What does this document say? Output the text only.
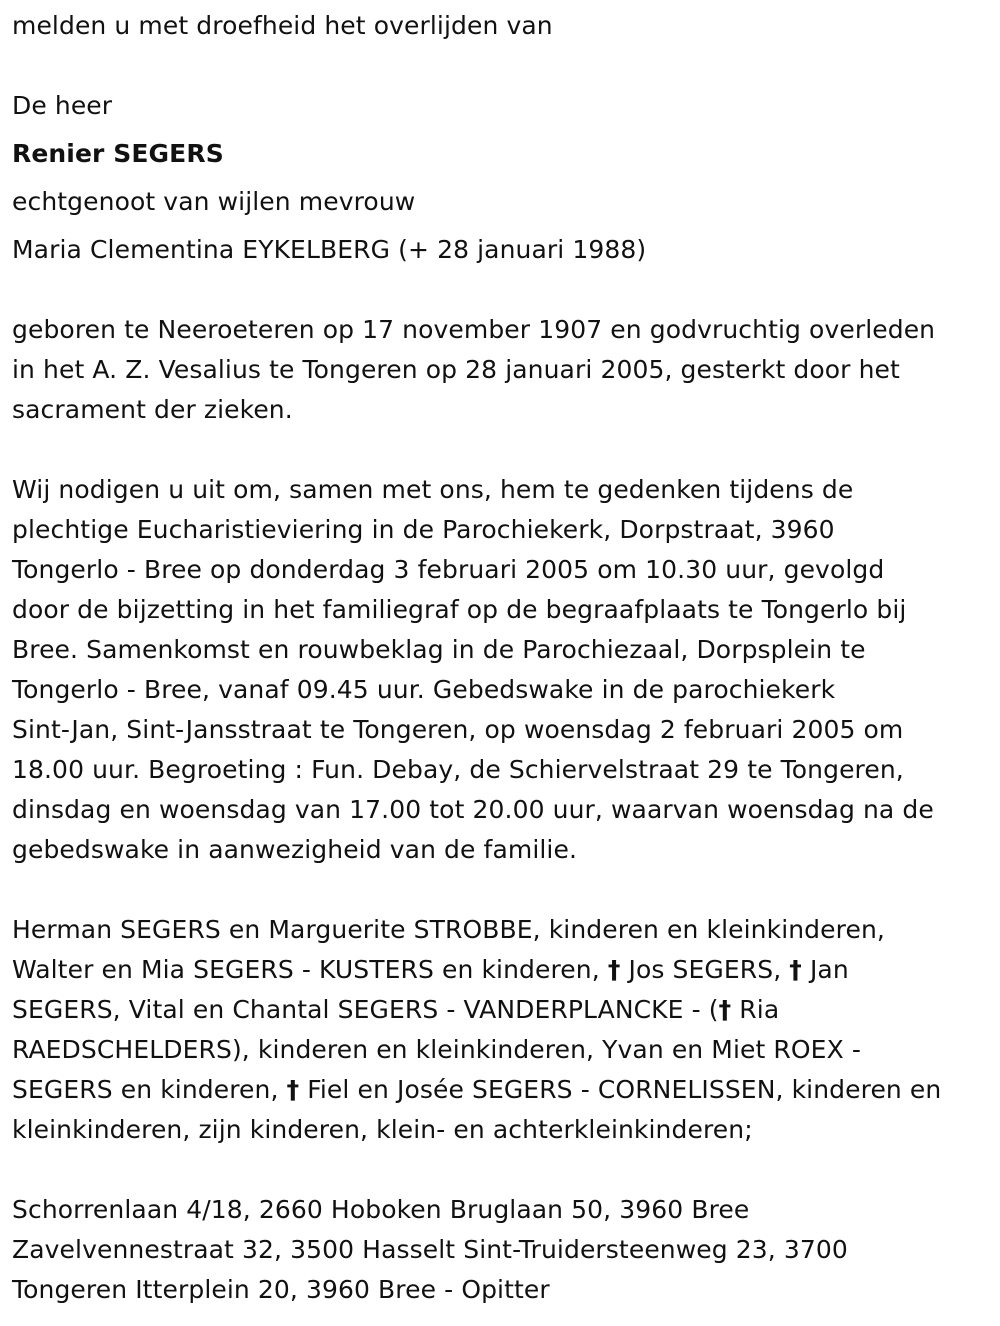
melden u met droefheid het overlijden van
De heer
Renier SEGERS
echtgenoot van wijlen mevrouw
Maria Clementina EYKELBERG (+ 28 januari 1988)
geboren te Neeroeteren op 17 november 1907 en godvruchtig overleden
in het A. Z. Vesalius te Tongeren op 28 januari 2005, gesterkt door het
sacrament der zieken.
Wij nodigen u uit om, samen met ons, hem te gedenken tijdens de
plechtige Eucharistieviering in de Parochiekerk, Dorpstraat, 3960
Tongerlo - Bree op donderdag 3 februari 2005 om 10.30 uur, gevolgd
door de bijzetting in het familiegraf op de begraafplaats te Tongerlo bij
Bree. Samenkomst en rouwbeklag in de Parochiezaal, Dorpsplein te
Tongerlo - Bree, vanaf 09.45 uur. Gebedswake in de parochiekerk
Sint-Jan, Sint-Jansstraat te Tongeren, op woensdag 2 februari 2005 om
18.00 uur. Begroeting : Fun. Debay, de Schiervelstraat 29 te Tongeren,
dinsdag en woensdag van 17.00 tot 20.00 uur, waarvan woensdag na de
gebedswake in aanwezigheid van de familie.
Herman SEGERS en Marguerite STROBBE, kinderen en kleinkinderen,
Walter en Mia SEGERS - KUSTERS en kinderen, † Jos SEGERS, † Jan
SEGERS, Vital en Chantal SEGERS - VANDERPLANCKE - († Ria
RAEDSCHELDERS), kinderen en kleinkinderen, Yvan en Miet ROEX -
SEGERS en kinderen, † Fiel en Josée SEGERS - CORNELISSEN, kinderen en
kleinkinderen, zijn kinderen, klein- en achterkleinkinderen;
Schorrenlaan 4/18, 2660 Hoboken Bruglaan 50, 3960 Bree
Zavelvennestraat 32, 3500 Hasselt Sint-Truidersteenweg 23, 3700
Tongeren Itterplein 20, 3960 Bree - Opitter
